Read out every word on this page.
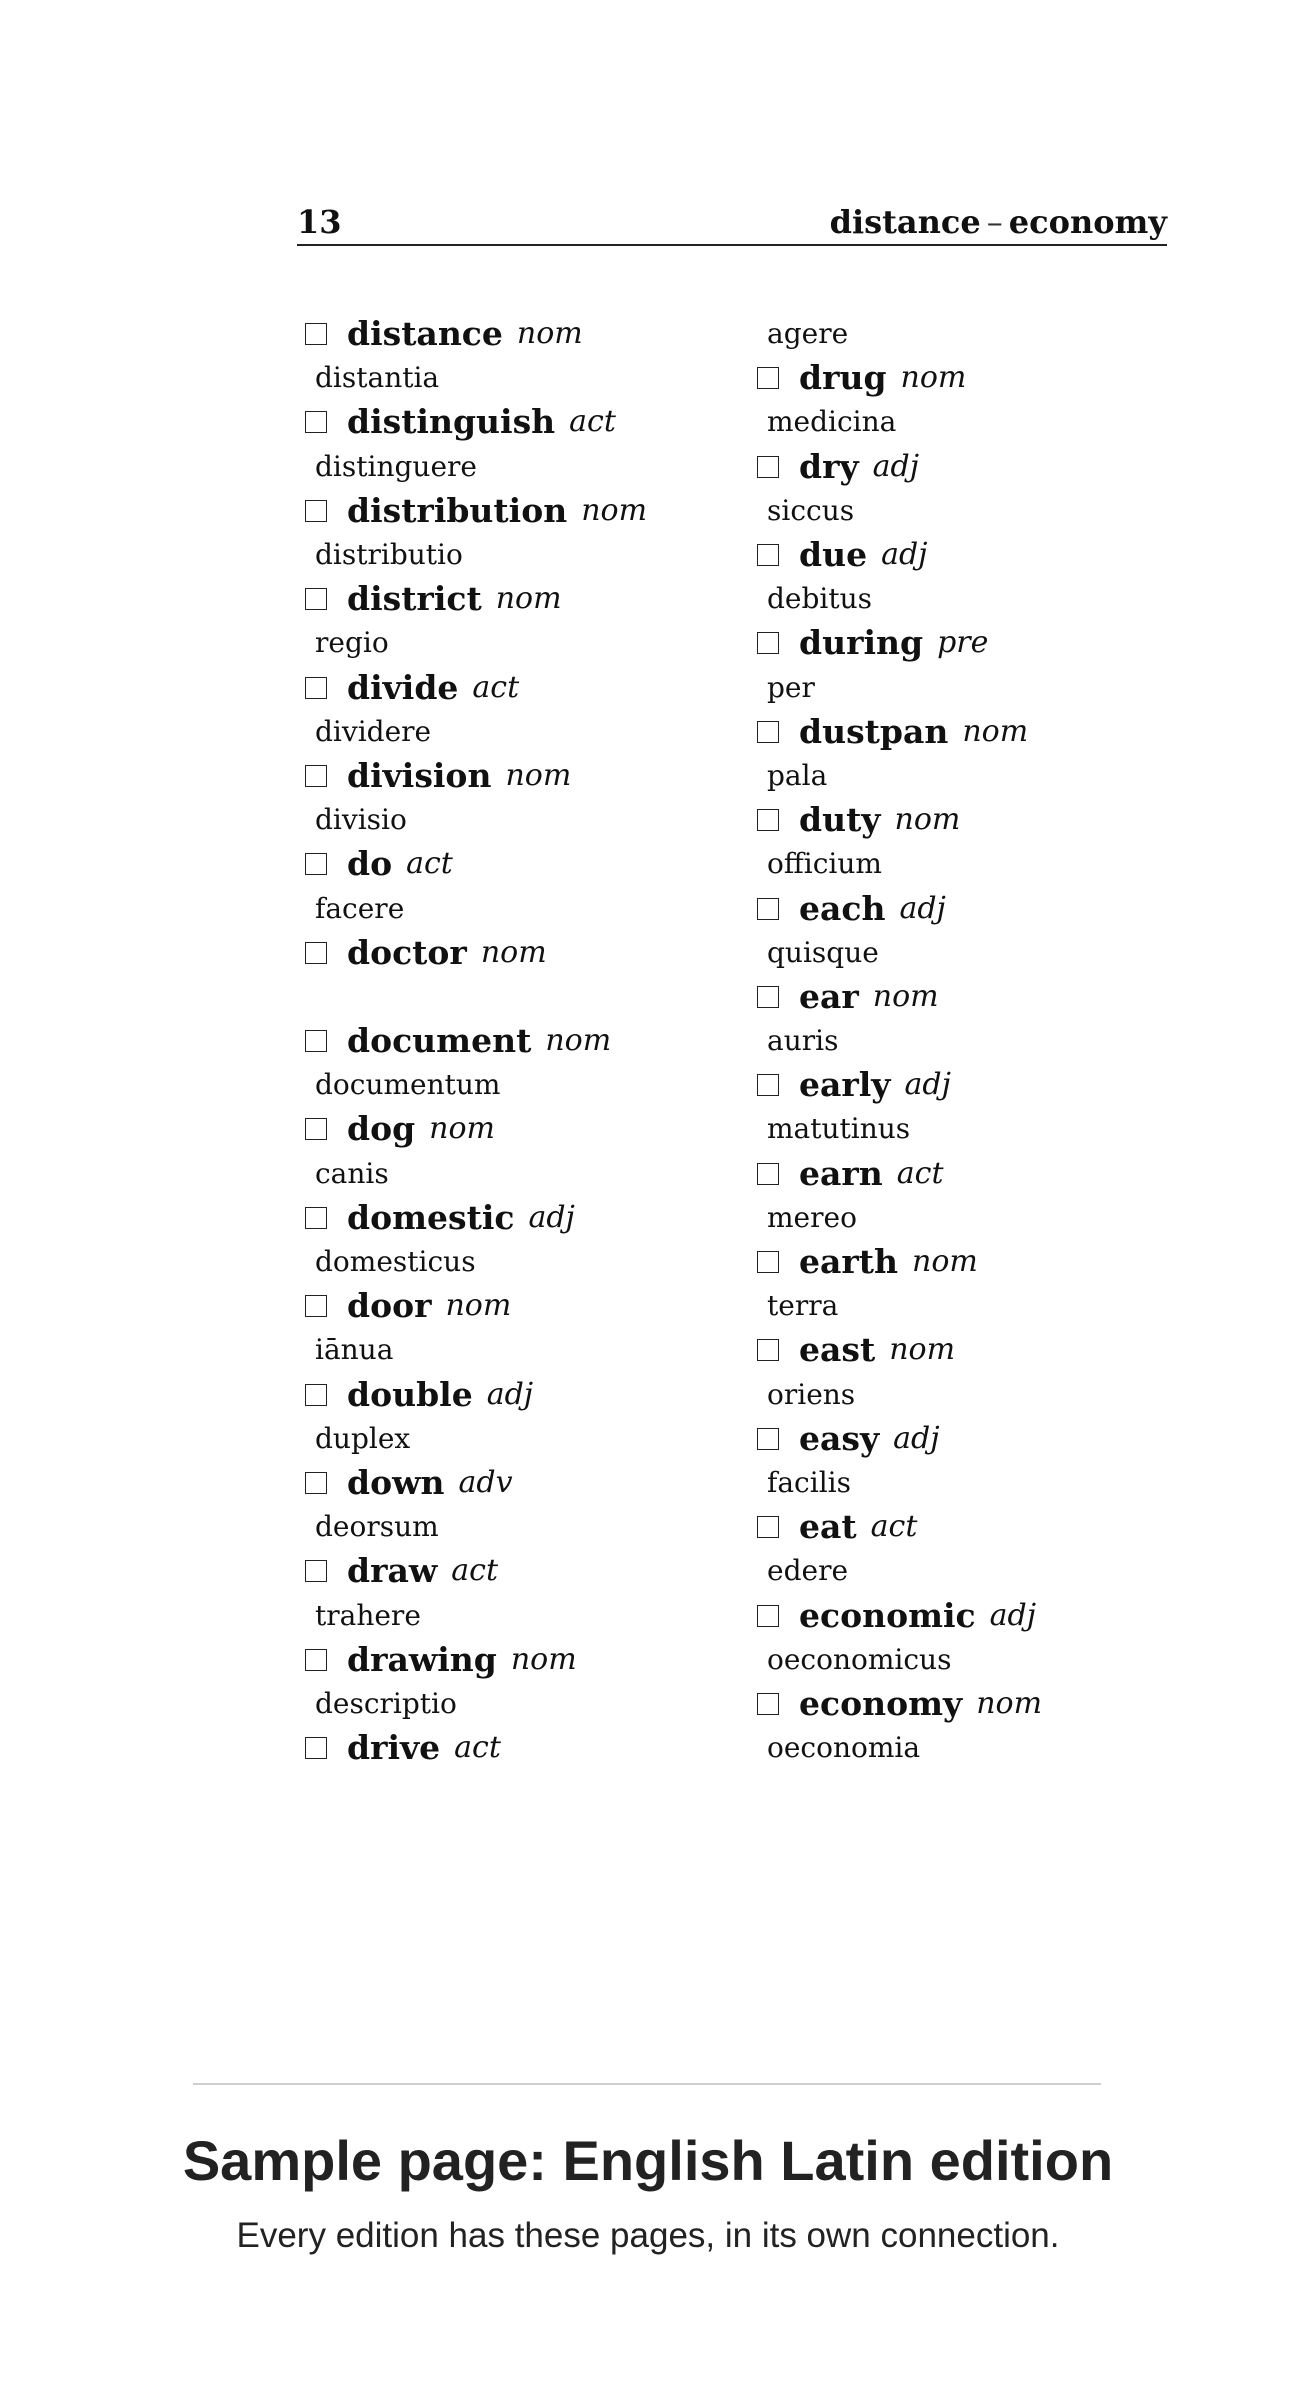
13	distance – economy
distance nom
distantia
distinguish act
distinguere
distribution nom
distributio
district nom
regio
divide act
dividere
division nom
divisio
do act
facere
doctor nom
document nom
documentum
dog nom
canis
domestic adj
domesticus
door nom
iānua
double adj
duplex
down adv
deorsum
draw act
trahere
drawing nom
descriptio
drive act
agere
drug nom
medicina
dry adj
siccus
due adj
debitus
during pre
per
dustpan nom
pala
duty nom
officium
each adj
quisque
ear nom
auris
early adj
matutinus
earn act
mereo
earth nom
terra
east nom
oriens
easy adj
facilis
eat act
edere
economic adj
oeconomicus
economy nom
oeconomia
Sample page: English Latin edition
Every edition has these pages, in its own connection.
